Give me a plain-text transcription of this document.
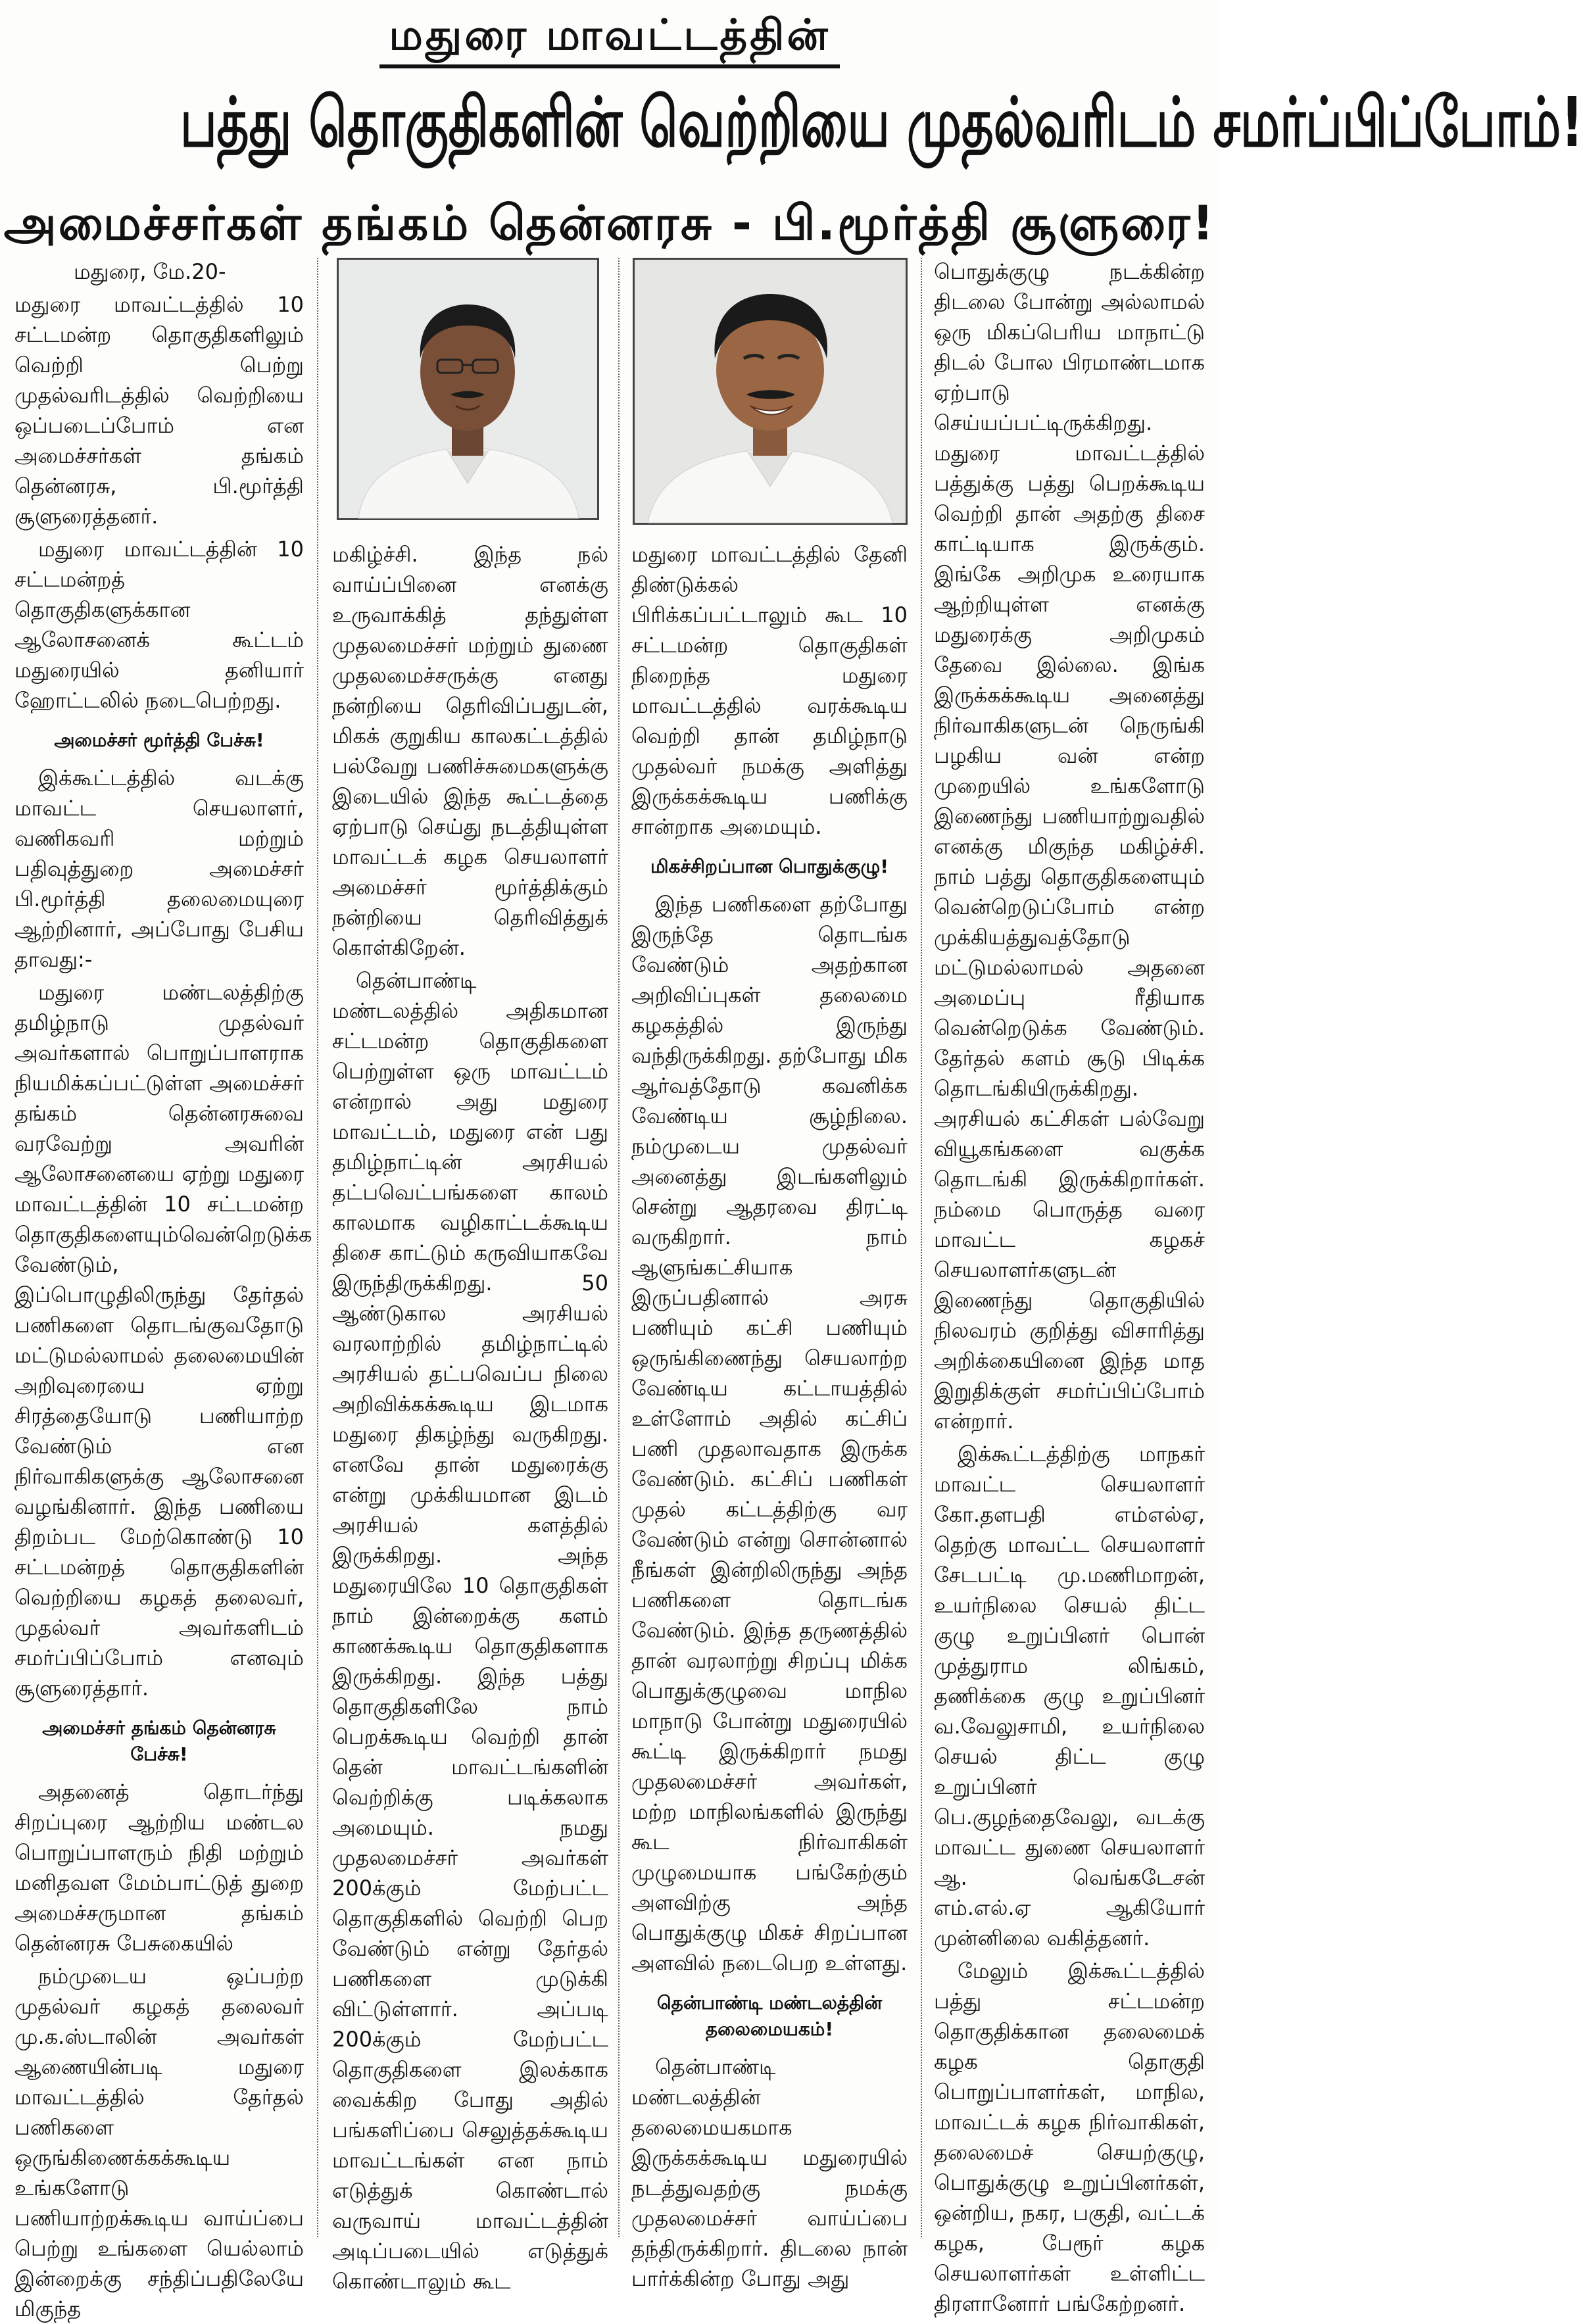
மதுரை மாவட்டத்தின்
பத்து தொகுதிகளின் வெற்றியை முதல்வரிடம் சமர்ப்பிப்போம்!
அமைச்சர்கள் தங்கம் தென்னரசு - பி.மூர்த்தி சூளுரை!

மதுரை, மே.20-

மதுரை மாவட்டத்தில் 10 சட்டமன்ற தொகுதிகளிலும் வெற்றி பெற்று முதல்வரிடத்தில் வெற்றியை ஒப்படைப்போம் என அமைச்சர்கள் தங்கம் தென்னரசு, பி.மூர்த்தி சூளுரைத்தனர்.

மதுரை மாவட்டத்தின் 10 சட்டமன்றத் தொகுதிகளுக்கான ஆலோசனைக் கூட்டம் மதுரையில் தனியார் ஹோட்டலில் நடைபெற்றது.

அமைச்சர் மூர்த்தி பேச்சு!

இக்கூட்டத்தில் வடக்கு மாவட்ட செயலாளர், வணிகவரி மற்றும் பதிவுத்துறை அமைச்சர் பி.மூர்த்தி தலைமையுரை ஆற்றினார், அப்போது பேசிய தாவது:-

மதுரை மண்டலத்திற்கு தமிழ்நாடு முதல்வர் அவர்களால் பொறுப்பாளராக நியமிக்கப்பட்டுள்ள அமைச்சர் தங்கம் தென்னரசுவை வரவேற்று அவரின் ஆலோசனையை ஏற்று மதுரை மாவட்டத்தின் 10 சட்டமன்ற தொகுதிகளையும்வென்றெடுக்க வேண்டும், இப்பொழுதிலிருந்து தேர்தல் பணிகளை தொடங்குவதோடு மட்டுமல்லாமல் தலைமையின் அறிவுரையை ஏற்று சிரத்தையோடு பணியாற்ற வேண்டும் என நிர்வாகிகளுக்கு ஆலோசனை வழங்கினார். இந்த பணியை திறம்பட மேற்கொண்டு 10 சட்டமன்றத் தொகுதிகளின் வெற்றியை கழகத் தலைவர், முதல்வர் அவர்களிடம் சமர்ப்பிப்போம் எனவும் சூளுரைத்தார்.

அமைச்சர் தங்கம் தென்னரசு பேச்சு!

அதனைத் தொடர்ந்து சிறப்புரை ஆற்றிய மண்டல பொறுப்பாளரும் நிதி மற்றும் மனிதவள மேம்பாட்டுத் துறை அமைச்சருமான தங்கம் தென்னரசு பேசுகையில்

நம்முடைய ஒப்பற்ற முதல்வர் கழகத் தலைவர் மு.க.ஸ்டாலின் அவர்கள் ஆணையின்படி மதுரை மாவட்டத்தில் தேர்தல் பணிகளை ஒருங்கிணைக்கக்கூடிய உங்களோடு பணியாற்றக்கூடிய வாய்ப்பை பெற்று உங்களை யெல்லாம் இன்றைக்கு சந்திப்பதிலேயே மிகுந்த

மகிழ்ச்சி. இந்த நல் வாய்ப்பினை எனக்கு உருவாக்கித் தந்துள்ள முதலமைச்சர் மற்றும் துணை முதலமைச்சருக்கு எனது நன்றியை தெரிவிப்பதுடன், மிகக் குறுகிய காலகட்டத்தில் பல்வேறு பணிச்சுமைகளுக்கு இடையில் இந்த கூட்டத்தை ஏற்பாடு செய்து நடத்தியுள்ள மாவட்டக் கழக செயலாளர் அமைச்சர் மூர்த்திக்கும் நன்றியை தெரிவித்துக் கொள்கிறேன்.

தென்பாண்டி மண்டலத்தில் அதிகமான சட்டமன்ற தொகுதிகளை பெற்றுள்ள ஒரு மாவட்டம் என்றால் அது மதுரை மாவட்டம், மதுரை என் பது தமிழ்நாட்டின் அரசியல் தட்பவெட்பங்களை காலம் காலமாக வழிகாட்டக்கூடிய திசை காட்டும் கருவியாகவே இருந்திருக்கிறது. 50 ஆண்டுகால அரசியல் வரலாற்றில் தமிழ்நாட்டில் அரசியல் தட்பவெப்ப நிலை அறிவிக்கக்கூடிய இடமாக மதுரை திகழ்ந்து வருகிறது. எனவே தான் மதுரைக்கு என்று முக்கியமான இடம் அரசியல் களத்தில் இருக்கிறது. அந்த மதுரையிலே 10 தொகுதிகள் நாம் இன்றைக்கு களம் காணக்கூடிய தொகுதிகளாக இருக்கிறது. இந்த பத்து தொகுதிகளிலே நாம் பெறக்கூடிய வெற்றி தான் தென் மாவட்டங்களின் வெற்றிக்கு படிக்கலாக அமையும். நமது முதலமைச்சர் அவர்கள் 200க்கும் மேற்பட்ட தொகுதிகளில் வெற்றி பெற வேண்டும் என்று தேர்தல் பணிகளை முடுக்கி விட்டுள்ளார். அப்படி 200க்கும் மேற்பட்ட தொகுதிகளை இலக்காக வைக்கிற போது அதில் பங்களிப்பை செலுத்தக்கூடிய மாவட்டங்கள் என நாம் எடுத்துக் கொண்டால் வருவாய் மாவட்டத்தின் அடிப்படையில் எடுத்துக் கொண்டாலும் கூட

மதுரை மாவட்டத்தில் தேனி திண்டுக்கல் பிரிக்கப்பட்டாலும் கூட 10 சட்டமன்ற தொகுதிகள் நிறைந்த மதுரை மாவட்டத்தில் வரக்கூடிய வெற்றி தான் தமிழ்நாடு முதல்வர் நமக்கு அளித்து இருக்கக்கூடிய பணிக்கு சான்றாக அமையும்.

மிகச்சிறப்பான பொதுக்குழு!

இந்த பணிகளை தற்போது இருந்தே தொடங்க வேண்டும் அதற்கான அறிவிப்புகள் தலைமை கழகத்தில் இருந்து வந்திருக்கிறது. தற்போது மிக ஆர்வத்தோடு கவனிக்க வேண்டிய சூழ்நிலை. நம்முடைய முதல்வர் அனைத்து இடங்களிலும் சென்று ஆதரவை திரட்டி வருகிறார். நாம் ஆளுங்கட்சியாக இருப்பதினால் அரசு பணியும் கட்சி பணியும் ஒருங்கிணைந்து செயலாற்ற வேண்டிய கட்டாயத்தில் உள்ளோம் அதில் கட்சிப் பணி முதலாவதாக இருக்க வேண்டும். கட்சிப் பணிகள் முதல் கட்டத்திற்கு வர வேண்டும் என்று சொன்னால் நீங்கள் இன்றிலிருந்து அந்த பணிகளை தொடங்க வேண்டும். இந்த தருணத்தில் தான் வரலாற்று சிறப்பு மிக்க பொதுக்குழுவை மாநில மாநாடு போன்று மதுரையில் கூட்டி இருக்கிறார் நமது முதலமைச்சர் அவர்கள், மற்ற மாநிலங்களில் இருந்து கூட நிர்வாகிகள் முழுமையாக பங்கேற்கும் அளவிற்கு அந்த பொதுக்குழு மிகச் சிறப்பான அளவில் நடைபெற உள்ளது.

தென்பாண்டி மண்டலத்தின் தலைமையகம்!

தென்பாண்டி மண்டலத்தின் தலைமையகமாக இருக்கக்கூடிய மதுரையில் நடத்துவதற்கு நமக்கு முதலமைச்சர் வாய்ப்பை தந்திருக்கிறார். திடலை நான் பார்க்கின்ற போது அது

பொதுக்குழு நடக்கின்ற திடலை போன்று அல்லாமல் ஒரு மிகப்பெரிய மாநாட்டு திடல் போல பிரமாண்டமாக ஏற்பாடு செய்யப்பட்டிருக்கிறது. மதுரை மாவட்டத்தில் பத்துக்கு பத்து பெறக்கூடிய வெற்றி தான் அதற்கு திசை காட்டியாக இருக்கும். இங்கே அறிமுக உரையாக ஆற்றியுள்ள எனக்கு மதுரைக்கு அறிமுகம் தேவை இல்லை. இங்க இருக்கக்கூடிய அனைத்து நிர்வாகிகளுடன் நெருங்கி பழகிய வன் என்ற முறையில் உங்களோடு இணைந்து பணியாற்றுவதில் எனக்கு மிகுந்த மகிழ்ச்சி. நாம் பத்து தொகுதிகளையும் வென்றெடுப்போம் என்ற முக்கியத்துவத்தோடு மட்டுமல்லாமல் அதனை அமைப்பு ரீதியாக வென்றெடுக்க வேண்டும். தேர்தல் களம் சூடு பிடிக்க தொடங்கியிருக்கிறது. அரசியல் கட்சிகள் பல்வேறு வியூகங்களை வகுக்க தொடங்கி இருக்கிறார்கள். நம்மை பொருத்த வரை மாவட்ட கழகச் செயலாளர்களுடன் இணைந்து தொகுதியில் நிலவரம் குறித்து விசாரித்து அறிக்கையினை இந்த மாத இறுதிக்குள் சமர்ப்பிப்போம் என்றார்.

இக்கூட்டத்திற்கு மாநகர் மாவட்ட செயலாளர் கோ.தளபதி எம்எல்ஏ, தெற்கு மாவட்ட செயலாளர் சேடபட்டி மு.மணிமாறன், உயர்நிலை செயல் திட்ட குழு உறுப்பினர் பொன் முத்துராம லிங்கம், தணிக்கை குழு உறுப்பினர் வ.வேலுசாமி, உயர்நிலை செயல் திட்ட குழு உறுப்பினர் பெ.குழந்தைவேலு, வடக்கு மாவட்ட துணை செயலாளர் ஆ. வெங்கடேசன் எம்.எல்.ஏ ஆகியோர் முன்னிலை வகித்தனர்.

மேலும் இக்கூட்டத்தில் பத்து சட்டமன்ற தொகுதிக்கான தலைமைக் கழக தொகுதி பொறுப்பாளர்கள், மாநில, மாவட்டக் கழக நிர்வாகிகள், தலைமைச் செயற்குழு, பொதுக்குழு உறுப்பினர்கள், ஒன்றிய, நகர, பகுதி, வட்டக் கழக, பேரூர் கழக செயலாளர்கள் உள்ளிட்ட திரளானோர் பங்கேற்றனர்.
